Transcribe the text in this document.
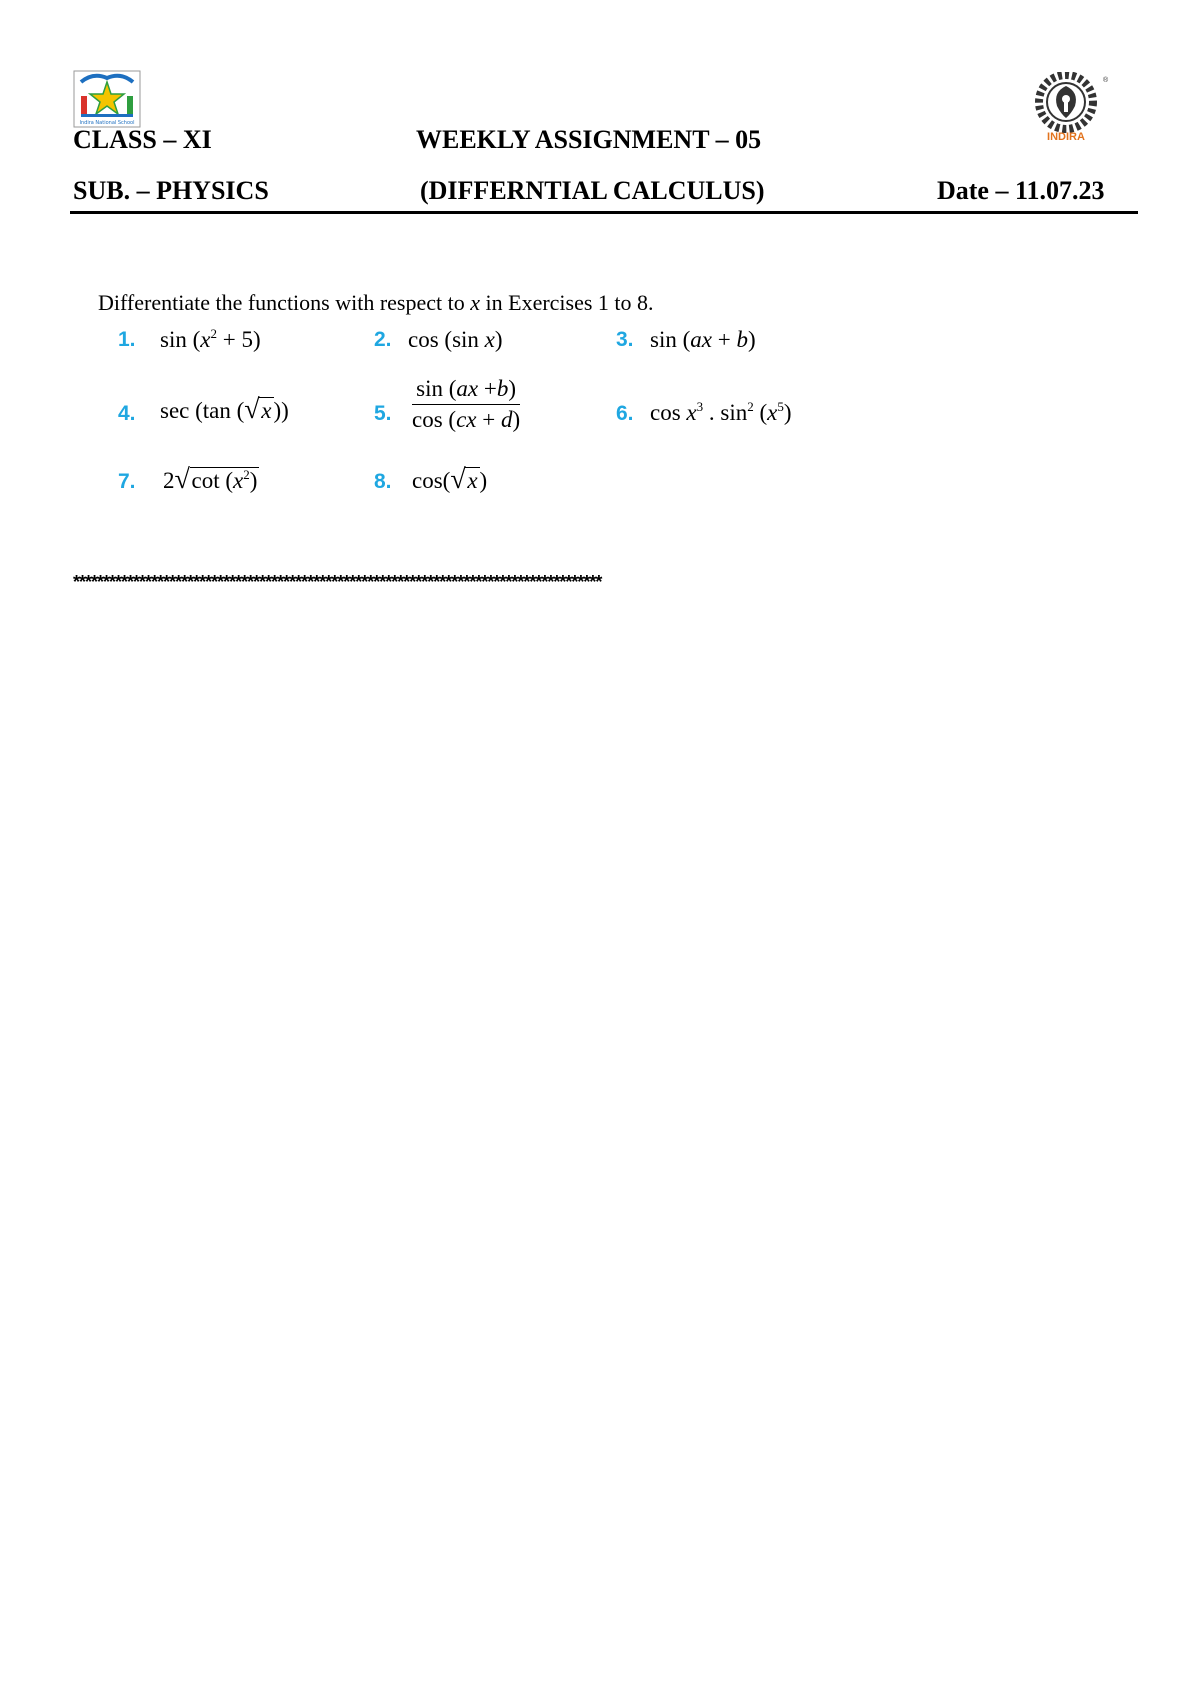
Indira National School
INDIRA
®
CLASS – XI	WEEKLY ASSIGNMENT – 05
SUB. – PHYSICS	(DIFFERNTIAL CALCULUS)	Date – 11.07.23
Differentiate the functions with respect to x in Exercises 1 to 8.
1. $\sin (x^2 + 5)$	2. cos (sin x)	3. sin (ax + b)
4. sec (tan ( √ x))	5. $\frac{\sin (ax +b)}{\cos (cx + d)}$	6. $\cos x^3$ . $\sin^2 (x^5)$
7. 2 √ $\cot (x^2)$	8. cos( √ x)
****************************************************************************************
